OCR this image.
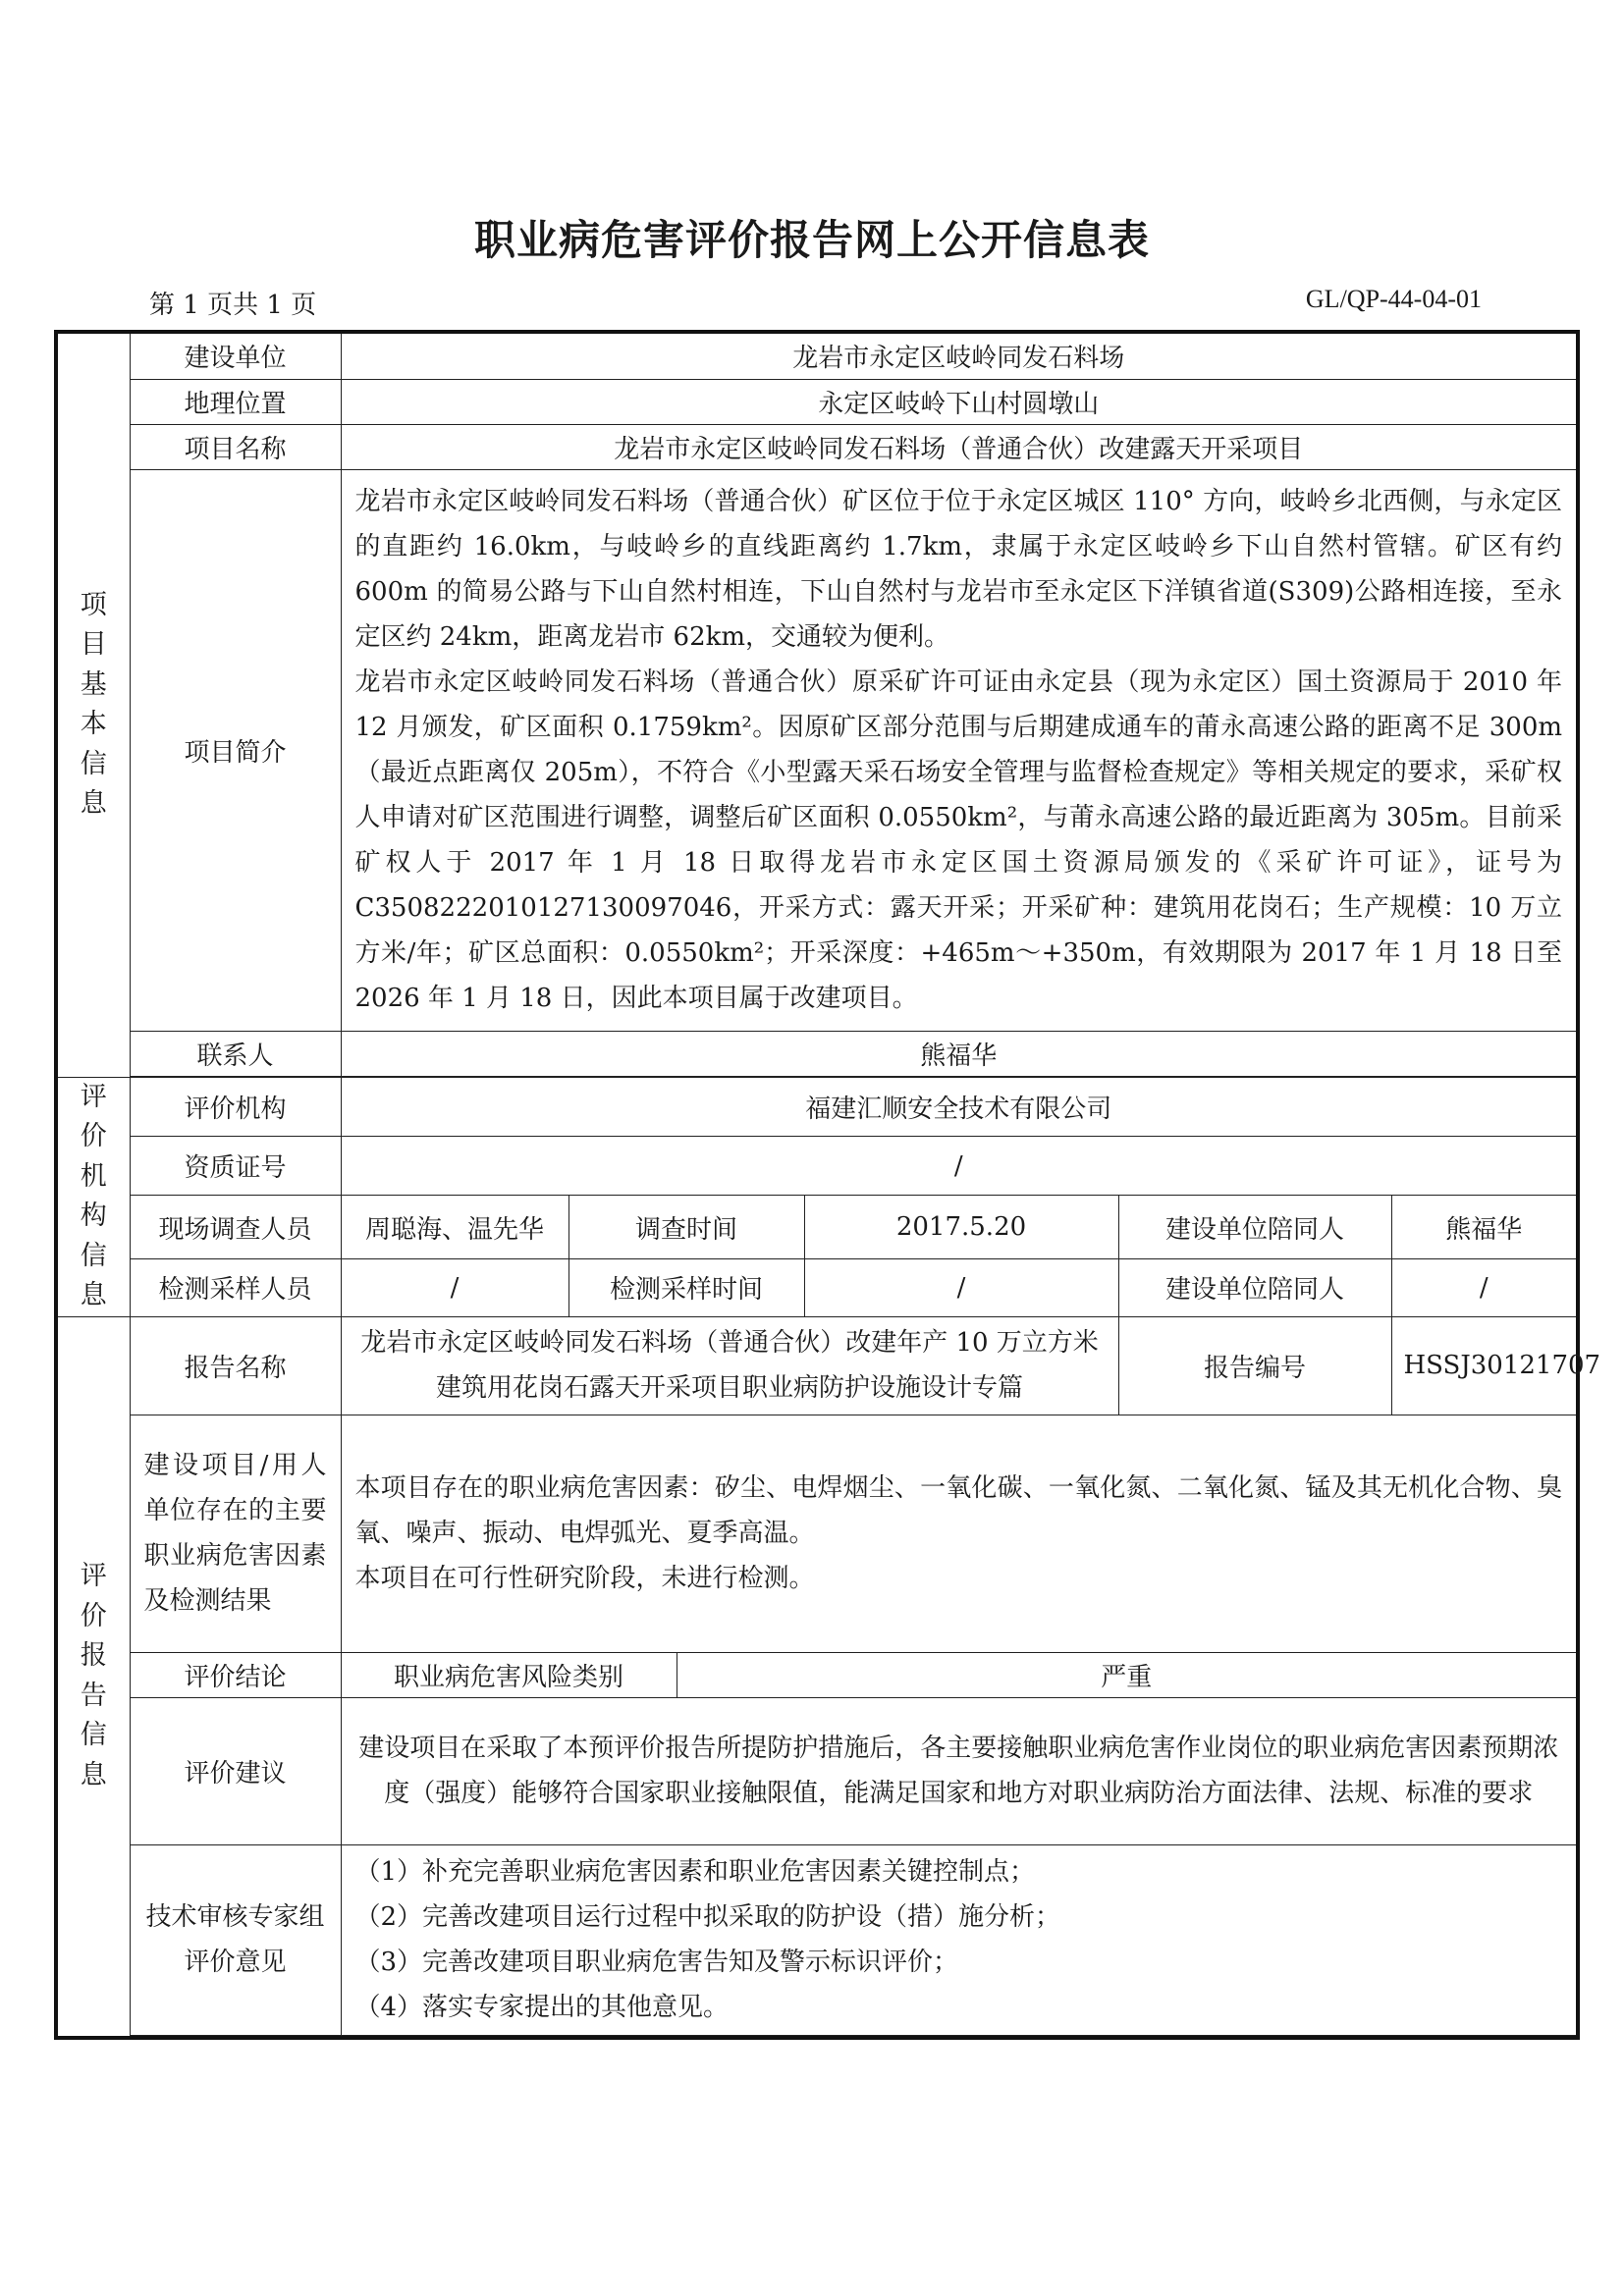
职业病危害评价报告网上公开信息表
第 1 页共 1 页	GL/QP-44-04-01
项目基本信息	建设单位	龙岩市永定区岐岭同发石料场					
	地理位置	永定区岐岭下山村圆墩山					
	项目名称	龙岩市永定区岐岭同发石料场（普通合伙）改建露天开采项目					
	项目简介	龙岩市永定区岐岭同发石料场（普通合伙）矿区位于位于永定区城区 110° 方向，岐岭乡北西侧，与永定区的直距约 16.0km，与岐岭乡的直线距离约 1.7km，隶属于永定区岐岭乡下山自然村管辖。矿区有约 600m 的简易公路与下山自然村相连，下山自然村与龙岩市至永定区下洋镇省道(S309)公路相连接，至永定区约 24km，距离龙岩市 62km，交通较为便利。

龙岩市永定区岐岭同发石料场（普通合伙）原采矿许可证由永定县（现为永定区）国土资源局于 2010 年 12 月颁发，矿区面积 0.1759km²。因原矿区部分范围与后期建成通车的莆永高速公路的距离不足 300m（最近点距离仅 205m），不符合《小型露天采石场安全管理与监督检查规定》等相关规定的要求，采矿权人申请对矿区范围进行调整，调整后矿区面积 0.0550km²，与莆永高速公路的最近距离为 305m。目前采矿权人于 2017 年 1 月 18 日取得龙岩市永定区国土资源局颁发的《采矿许可证》，证号为 C3508222010127130097046，开采方式：露天开采；开采矿种：建筑用花岗石；生产规模：10 万立方米/年；矿区总面积：0.0550km²；开采深度：+465m～+350m，有效期限为 2017 年 1 月 18 日至 2026 年 1 月 18 日，因此本项目属于改建项目。					

	联系人	熊福华					

评价机构信息	评价机构	福建汇顺安全技术有限公司					
	资质证号	/					
	现场调查人员	周聪海、温先华	调查时间		2017.5.20	建设单位陪同人	熊福华
	检测采样人员	/	检测采样时间		/	建设单位陪同人	/

评价报告信息	报告名称	龙岩市永定区岐岭同发石料场（普通合伙）改建年产 10 万立方米建筑用花岗石露天开采项目职业病防护设施设计专篇				报告编号	HSSJ30121707
	建设项目/用人单位存在的主要职业病危害因素及检测结果	本项目存在的职业病危害因素：矽尘、电焊烟尘、一氧化碳、一氧化氮、二氧化氮、锰及其无机化合物、臭氧、噪声、振动、电焊弧光、夏季高温。

本项目在可行性研究阶段，未进行检测。					

	评价结论	职业病危害风险类别		严重			
	评价建议	建设项目在采取了本预评价报告所提防护措施后，各主要接触职业病危害作业岗位的职业病危害因素预期浓度（强度）能够符合国家职业接触限值，能满足国家和地方对职业病防治方面法律、法规、标准的要求					
	技术审核专家组评价意见	（1）补充完善职业病危害因素和职业危害因素关键控制点；

（2）完善改建项目运行过程中拟采取的防护设（措）施分析；

（3）完善改建项目职业病危害告知及警示标识评价；

（4）落实专家提出的其他意见。					
